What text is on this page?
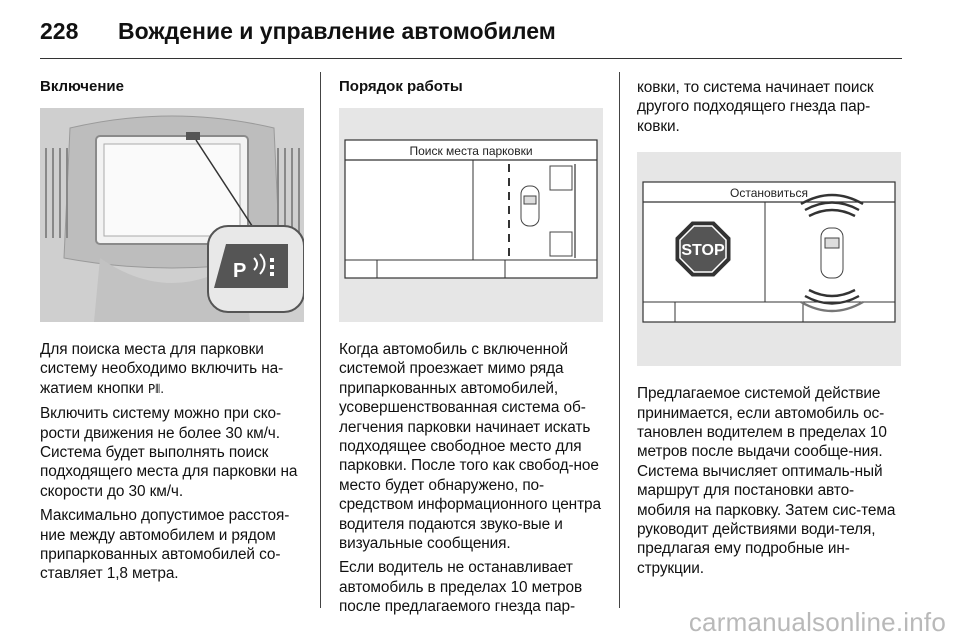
228 Вождение и управление автомобилем
Включение
P

Для поиска места для парковки систему необходимо включить на-жатием кнопки P⦀.

Включить систему можно при ско-рости движения не более 30 км/ч. Система будет выполнять поиск подходящего места для парковки на скорости до 30 км/ч.

Максимально допустимое расстоя-ние между автомобилем и рядом припаркованных автомобилей со-ставляет 1,8 метра.

Порядок работы
Поиск места парковки

Когда автомобиль с включенной системой проезжает мимо ряда припаркованных автомобилей, усовершенствованная система об-легчения парковки начинает искать подходящее свободное место для парковки. После того как свобод-ное место будет обнаружено, по-средством информационного центра водителя подаются звуко-вые и визуальные сообщения.

Если водитель не останавливает автомобиль в пределах 10 метров после предлагаемого гнезда пар-

ковки, то система начинает поиск другого подходящего гнезда пар-ковки.

Остановиться
STOP

Предлагаемое системой действие принимается, если автомобиль ос-тановлен водителем в пределах 10 метров после выдачи сообще-ния. Система вычисляет оптималь-ный маршрут для постановки авто-мобиля на парковку. Затем сис-тема руководит действиями води-теля, предлагая ему подробные ин-струкции.

carmanualsonline.info
